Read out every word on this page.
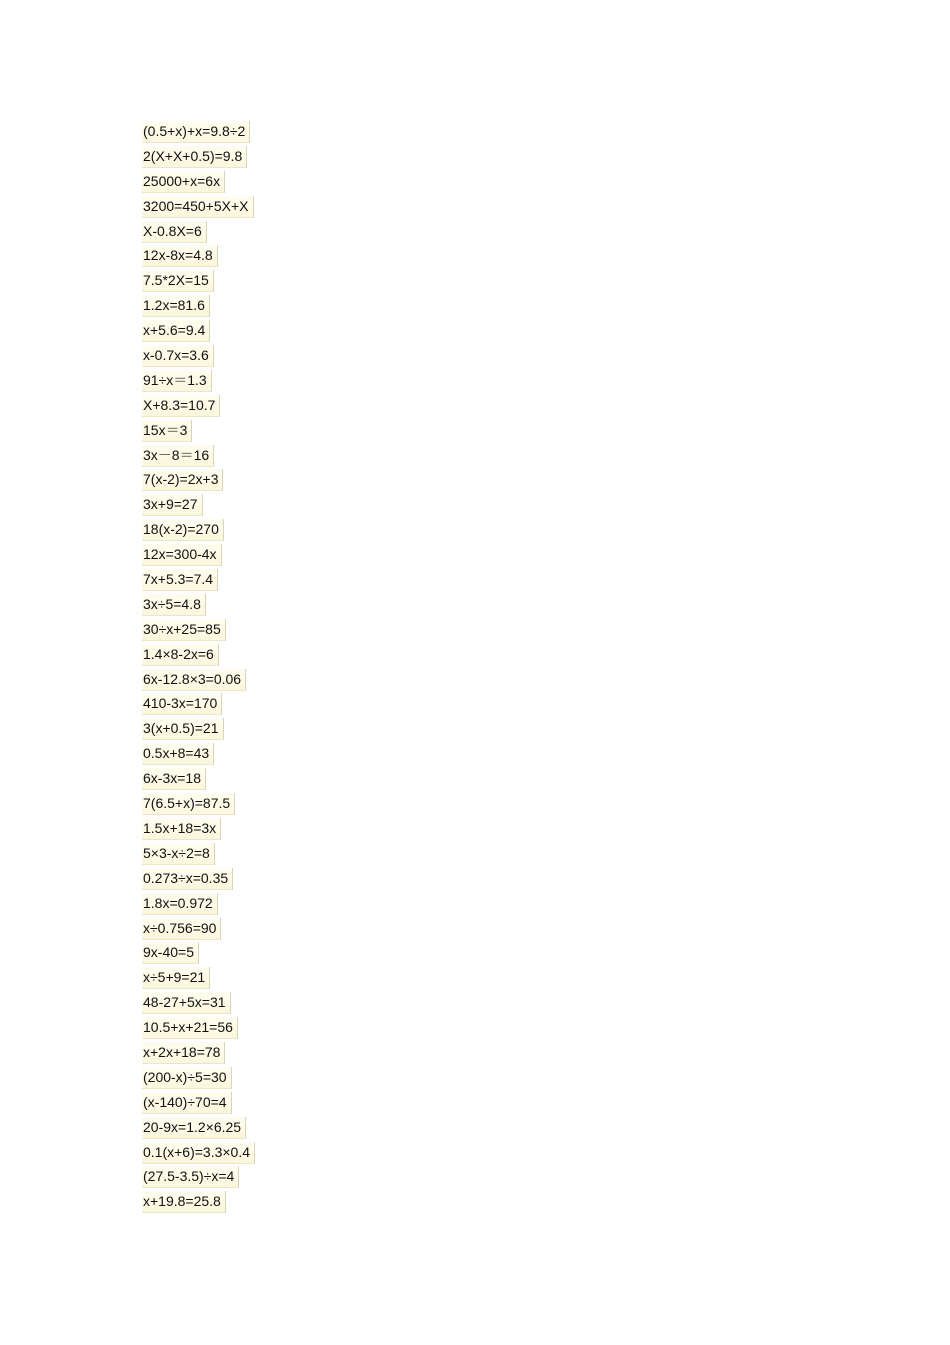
(0.5+x)+x=9.8÷2
2(X+X+0.5)=9.8
25000+x=6x
3200=450+5X+X
X-0.8X=6
12x-8x=4.8
7.5*2X=15
1.2x=81.6
x+5.6=9.4
x-0.7x=3.6
91÷x＝1.3
X+8.3=10.7
15x＝3
3x－8＝16
7(x-2)=2x+3
3x+9=27
18(x-2)=270
12x=300-4x
7x+5.3=7.4
3x÷5=4.8
30÷x+25=85
1.4×8-2x=6
6x-12.8×3=0.06
410-3x=170
3(x+0.5)=21
0.5x+8=43
6x-3x=18
7(6.5+x)=87.5
1.5x+18=3x
5×3-x÷2=8
0.273÷x=0.35
1.8x=0.972
x÷0.756=90
9x-40=5
x÷5+9=21
48-27+5x=31
10.5+x+21=56
x+2x+18=78
(200-x)÷5=30
(x-140)÷70=4
20-9x=1.2×6.25
0.1(x+6)=3.3×0.4
(27.5-3.5)÷x=4
x+19.8=25.8
